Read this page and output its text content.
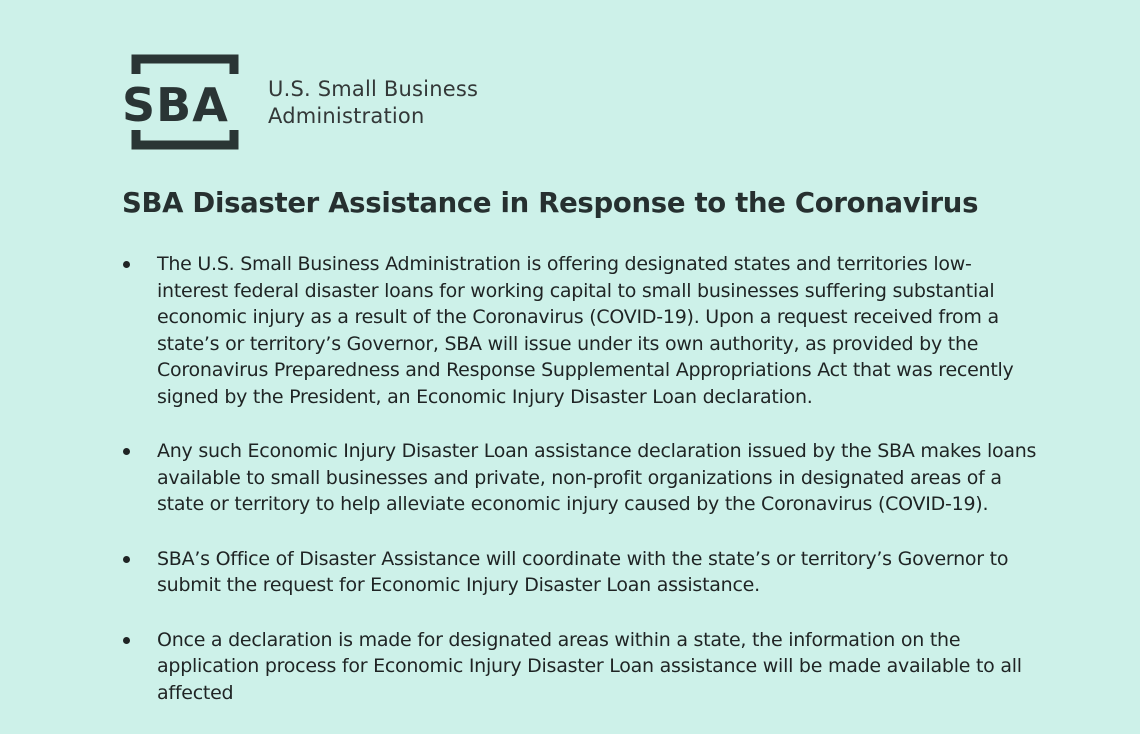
SBA U.S. Small Business
Administration
SBA Disaster Assistance in Response to the Coronavirus
The U.S. Small Business Administration is offering designated states and territories low-interest federal disaster loans for working capital to small businesses suffering substantial economic injury as a result of the Coronavirus (COVID-19). Upon a request received from a state’s or territory’s Governor, SBA will issue under its own authority, as provided by the Coronavirus Preparedness and Response Supplemental Appropriations Act that was recently signed by the President, an Economic Injury Disaster Loan declaration.
Any such Economic Injury Disaster Loan assistance declaration issued by the SBA makes loans available to small businesses and private, non-profit organizations in designated areas of a state or territory to help alleviate economic injury caused by the Coronavirus (COVID-19).
SBA’s Office of Disaster Assistance will coordinate with the state’s or territory’s Governor to submit the request for Economic Injury Disaster Loan assistance.
Once a declaration is made for designated areas within a state, the information on the application process for Economic Injury Disaster Loan assistance will be made available to all affected
